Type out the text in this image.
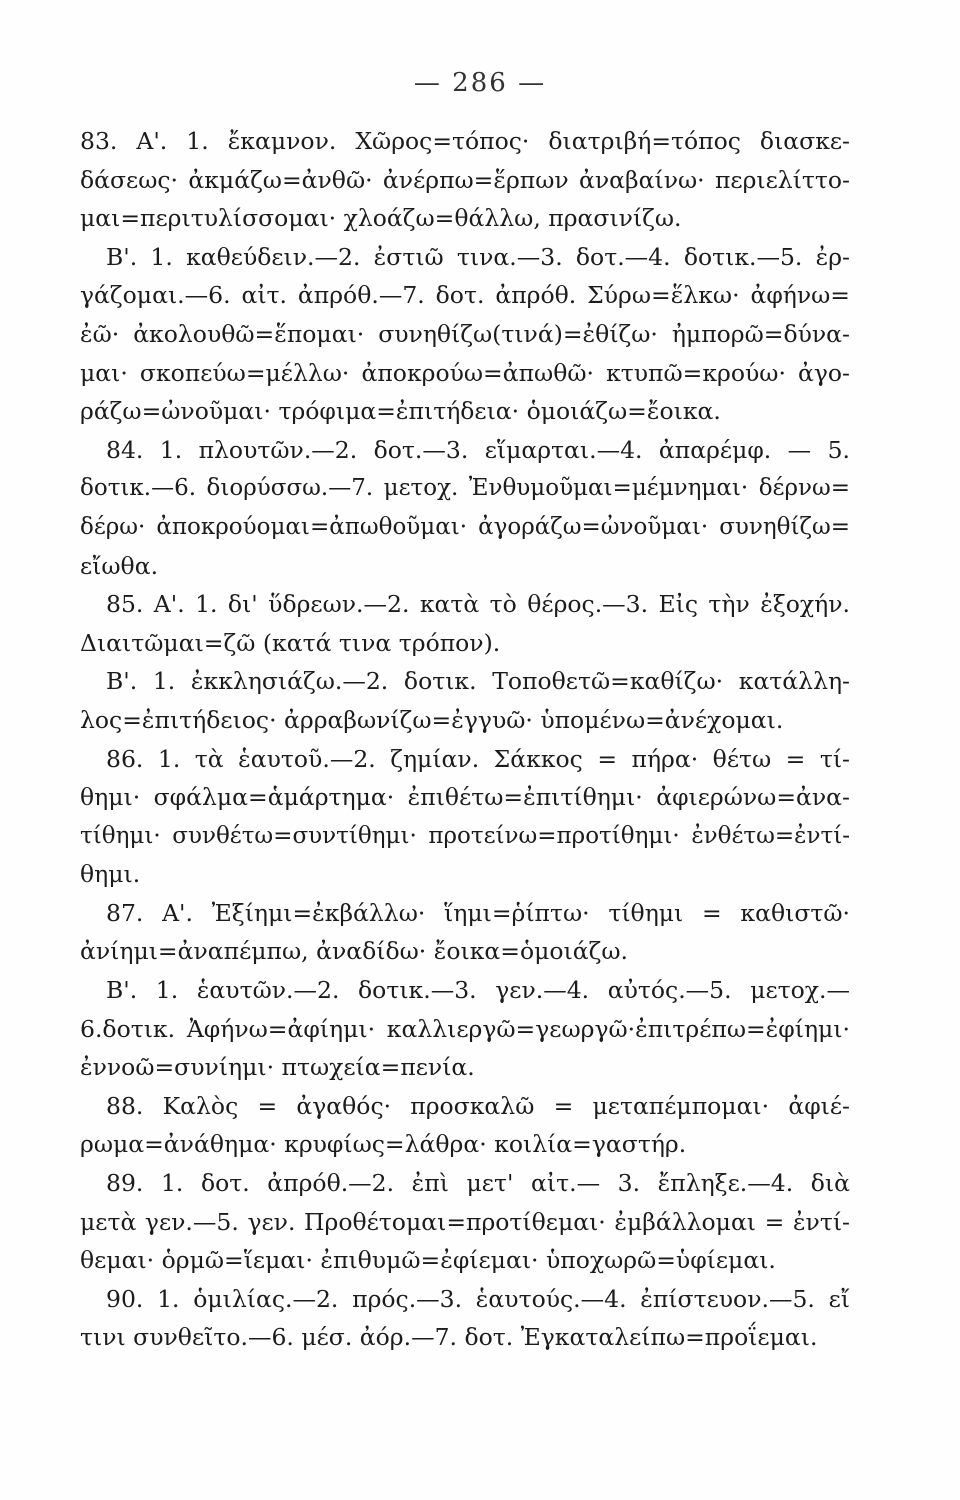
— 286 —
83. Α'. 1. ἔκαμνον. Χῶρος=τόπος· διατριβή=τόπος διασκε-
δάσεως· ἀκμάζω=ἀνθῶ· ἀνέρπω=ἕρπων ἀναβαίνω· περιελίττο-
μαι=περιτυλίσσομαι· χλοάζω=θάλλω, πρασινίζω.
Β'. 1. καθεύδειν.—2. ἐστιῶ τινα.—3. δοτ.—4. δοτικ.—5. ἐρ-
γάζομαι.—6. αἰτ. ἀπρόθ.—7. δοτ. ἀπρόθ. Σύρω=ἕλκω· ἀφήνω=
ἐῶ· ἀκολουθῶ=ἕπομαι· συνηθίζω(τινά)=ἐθίζω· ἠμπορῶ=δύνα-
μαι· σκοπεύω=μέλλω· ἀποκρούω=ἀπωθῶ· κτυπῶ=κρούω· ἀγο-
ράζω=ὠνοῦμαι· τρόφιμα=ἐπιτήδεια· ὁμοιάζω=ἔοικα.
84. 1. πλουτῶν.—2. δοτ.—3. εἵμαρται.—4. ἀπαρέμφ. — 5.
δοτικ.—6. διορύσσω.—7. μετοχ. Ἐνθυμοῦμαι=μέμνημαι· δέρνω=
δέρω· ἀποκρούομαι=ἀπωθοῦμαι· ἀγοράζω=ὠνοῦμαι· συνηθίζω=
εἴωθα.
85. Α'. 1. δι' ὕδρεων.—2. κατὰ τὸ θέρος.—3. Εἰς τὴν ἐξοχήν.
Διαιτῶμαι=ζῶ (κατά τινα τρόπον).
Β'. 1. ἐκκλησιάζω.—2. δοτικ. Τοποθετῶ=καθίζω· κατάλλη-
λος=ἐπιτήδειος· ἀρραβωνίζω=ἐγγυῶ· ὑπομένω=ἀνέχομαι.
86. 1. τὰ ἑαυτοῦ.—2. ζημίαν. Σάκκος = πήρα· θέτω = τί-
θημι· σφάλμα=ἁμάρτημα· ἐπιθέτω=ἐπιτίθημι· ἀφιερώνω=ἀνα-
τίθημι· συνθέτω=συντίθημι· προτείνω=προτίθημι· ἐνθέτω=ἐντί-
θημι.
87. Α'. Ἐξίημι=ἐκβάλλω· ἵημι=ῥίπτω· τίθημι = καθιστῶ·
ἀνίημι=ἀναπέμπω, ἀναδίδω· ἔοικα=ὁμοιάζω.
Β'. 1. ἑαυτῶν.—2. δοτικ.—3. γεν.—4. αὐτός.—5. μετοχ.—
6.δοτικ. Ἀφήνω=ἀφίημι· καλλιεργῶ=γεωργῶ·ἐπιτρέπω=ἐφίημι·
ἐννοῶ=συνίημι· πτωχεία=πενία.
88. Καλὸς = ἀγαθός· προσκαλῶ = μεταπέμπομαι· ἀφιέ-
ρωμα=ἀνάθημα· κρυφίως=λάθρα· κοιλία=γαστήρ.
89. 1. δοτ. ἀπρόθ.—2. ἐπὶ μετ' αἰτ.— 3. ἔπληξε.—4. διὰ
μετὰ γεν.—5. γεν. Προθέτομαι=προτίθεμαι· ἐμβάλλομαι = ἐντί-
θεμαι· ὁρμῶ=ἵεμαι· ἐπιθυμῶ=ἐφίεμαι· ὑποχωρῶ=ὑφίεμαι.
90. 1. ὁμιλίας.—2. πρός.—3. ἑαυτούς.—4. ἐπίστευον.—5. εἴ
τινι συνθεῖτο.—6. μέσ. ἀόρ.—7. δοτ. Ἐγκαταλείπω=προΐεμαι.
